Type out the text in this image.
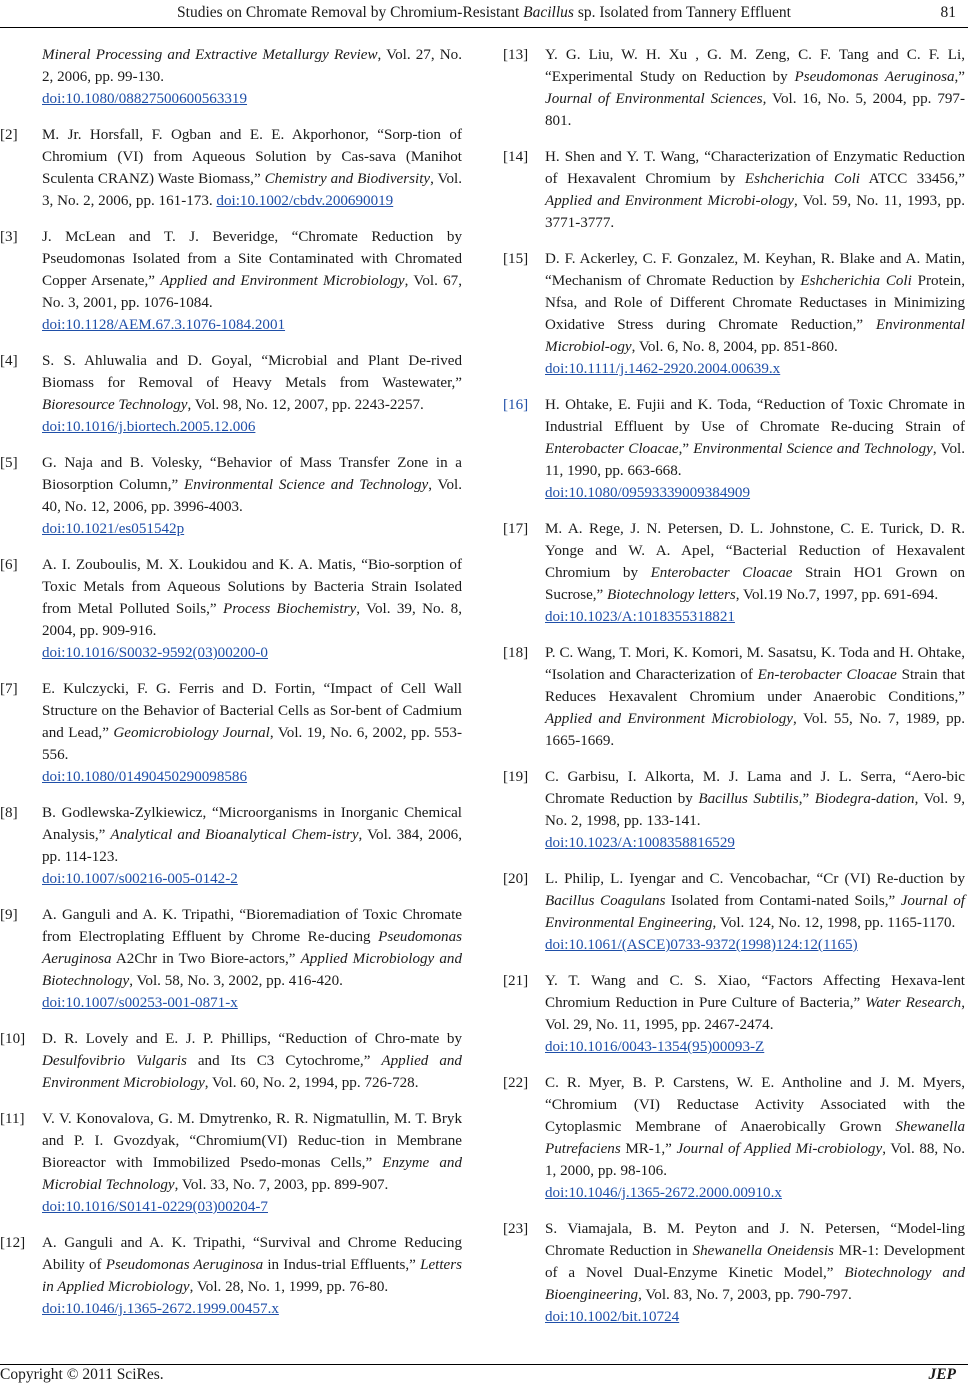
Studies on Chromate Removal by Chromium-Resistant Bacillus sp. Isolated from Tannery Effluent	81
Mineral Processing and Extractive Metallurgy Review, Vol. 27, No. 2, 2006, pp. 99-130.
doi:10.1080/08827500600563319
[2] M. Jr. Horsfall, F. Ogban and E. E. Akporhonor, “Sorp-tion of Chromium (VI) from Aqueous Solution by Cas-sava (Manihot Sculenta CRANZ) Waste Biomass,” Chemistry and Biodiversity, Vol. 3, No. 2, 2006, pp. 161-173. doi:10.1002/cbdv.200690019
[3] J. McLean and T. J. Beveridge, “Chromate Reduction by Pseudomonas Isolated from a Site Contaminated with Chromated Copper Arsenate,” Applied and Environment Microbiology, Vol. 67, No. 3, 2001, pp. 1076-1084.
doi:10.1128/AEM.67.3.1076-1084.2001
[4] S. S. Ahluwalia and D. Goyal, “Microbial and Plant De-rived Biomass for Removal of Heavy Metals from Wastewater,” Bioresource Technology, Vol. 98, No. 12, 2007, pp. 2243-2257.
doi:10.1016/j.biortech.2005.12.006
[5] G. Naja and B. Volesky, “Behavior of Mass Transfer Zone in a Biosorption Column,” Environmental Science and Technology, Vol. 40, No. 12, 2006, pp. 3996-4003.
doi:10.1021/es051542p
[6] A. I. Zouboulis, M. X. Loukidou and K. A. Matis, “Bio-sorption of Toxic Metals from Aqueous Solutions by Bacteria Strain Isolated from Metal Polluted Soils,” Process Biochemistry, Vol. 39, No. 8, 2004, pp. 909-916.
doi:10.1016/S0032-9592(03)00200-0
[7] E. Kulczycki, F. G. Ferris and D. Fortin, “Impact of Cell Wall Structure on the Behavior of Bacterial Cells as Sor-bent of Cadmium and Lead,” Geomicrobiology Journal, Vol. 19, No. 6, 2002, pp. 553-556.
doi:10.1080/01490450290098586
[8] B. Godlewska-Zylkiewicz, “Microorganisms in Inorganic Chemical Analysis,” Analytical and Bioanalytical Chem-istry, Vol. 384, 2006, pp. 114-123.
doi:10.1007/s00216-005-0142-2
[9] A. Ganguli and A. K. Tripathi, “Bioremadiation of Toxic Chromate from Electroplating Effluent by Chrome Re-ducing Pseudomonas Aeruginosa A2Chr in Two Biore-actors,” Applied Microbiology and Biotechnology, Vol. 58, No. 3, 2002, pp. 416-420.
doi:10.1007/s00253-001-0871-x
[10] D. R. Lovely and E. J. P. Phillips, “Reduction of Chro-mate by Desulfovibrio Vulgaris and Its C3 Cytochrome,” Applied and Environment Microbiology, Vol. 60, No. 2, 1994, pp. 726-728.
[11] V. V. Konovalova, G. M. Dmytrenko, R. R. Nigmatullin, M. T. Bryk and P. I. Gvozdyak, “Chromium(VI) Reduc-tion in Membrane Bioreactor with Immobilized Psedo-monas Cells,” Enzyme and Microbial Technology, Vol. 33, No. 7, 2003, pp. 899-907.
doi:10.1016/S0141-0229(03)00204-7
[12] A. Ganguli and A. K. Tripathi, “Survival and Chrome Reducing Ability of Pseudomonas Aeruginosa in Indus-trial Effluents,” Letters in Applied Microbiology, Vol. 28, No. 1, 1999, pp. 76-80.
doi:10.1046/j.1365-2672.1999.00457.x
[13] Y. G. Liu, W. H. Xu , G. M. Zeng, C. F. Tang and C. F. Li, “Experimental Study on Reduction by Pseudomonas Aeruginosa,” Journal of Environmental Sciences, Vol. 16, No. 5, 2004, pp. 797-801.
[14] H. Shen and Y. T. Wang, “Characterization of Enzymatic Reduction of Hexavalent Chromium by Eshcherichia Coli ATCC 33456,” Applied and Environment Microbi-ology, Vol. 59, No. 11, 1993, pp. 3771-3777.
[15] D. F. Ackerley, C. F. Gonzalez, M. Keyhan, R. Blake and A. Matin, “Mechanism of Chromate Reduction by Eshcherichia Coli Protein, Nfsa, and Role of Different Chromate Reductases in Minimizing Oxidative Stress during Chromate Reduction,” Environmental Microbiol-ogy, Vol. 6, No. 8, 2004, pp. 851-860.
doi:10.1111/j.1462-2920.2004.00639.x
[16] H. Ohtake, E. Fujii and K. Toda, “Reduction of Toxic Chromate in Industrial Effluent by Use of Chromate Re-ducing Strain of Enterobacter Cloacae,” Environmental Science and Technology, Vol. 11, 1990, pp. 663-668.
doi:10.1080/09593339009384909
[17] M. A. Rege, J. N. Petersen, D. L. Johnstone, C. E. Turick, D. R. Yonge and W. A. Apel, “Bacterial Reduction of Hexavalent Chromium by Enterobacter Cloacae Strain HO1 Grown on Sucrose,” Biotechnology letters, Vol.19 No.7, 1997, pp. 691-694.
doi:10.1023/A:1018355318821
[18] P. C. Wang, T. Mori, K. Komori, M. Sasatsu, K. Toda and H. Ohtake, “Isolation and Characterization of En-terobacter Cloacae Strain that Reduces Hexavalent Chromium under Anaerobic Conditions,” Applied and Environment Microbiology, Vol. 55, No. 7, 1989, pp. 1665-1669.
[19] C. Garbisu, I. Alkorta, M. J. Lama and J. L. Serra, “Aero-bic Chromate Reduction by Bacillus Subtilis,” Biodegra-dation, Vol. 9, No. 2, 1998, pp. 133-141.
doi:10.1023/A:1008358816529
[20] L. Philip, L. Iyengar and C. Vencobachar, “Cr (VI) Re-duction by Bacillus Coagulans Isolated from Contami-nated Soils,” Journal of Environmental Engineering, Vol. 124, No. 12, 1998, pp. 1165-1170.
doi:10.1061/(ASCE)0733-9372(1998)124:12(1165)
[21] Y. T. Wang and C. S. Xiao, “Factors Affecting Hexava-lent Chromium Reduction in Pure Culture of Bacteria,” Water Research, Vol. 29, No. 11, 1995, pp. 2467-2474.
doi:10.1016/0043-1354(95)00093-Z
[22] C. R. Myer, B. P. Carstens, W. E. Antholine and J. M. Myers, “Chromium (VI) Reductase Activity Associated with the Cytoplasmic Membrane of Anaerobically Grown Shewanella Putrefaciens MR-1,” Journal of Applied Mi-crobiology, Vol. 88, No. 1, 2000, pp. 98-106.
doi:10.1046/j.1365-2672.2000.00910.x
[23] S. Viamajala, B. M. Peyton and J. N. Petersen, “Model-ling Chromate Reduction in Shewanella Oneidensis MR-1: Development of a Novel Dual-Enzyme Kinetic Model,” Biotechnology and Bioengineering, Vol. 83, No. 7, 2003, pp. 790-797.
doi:10.1002/bit.10724
Copyright © 2011 SciRes.	JEP
